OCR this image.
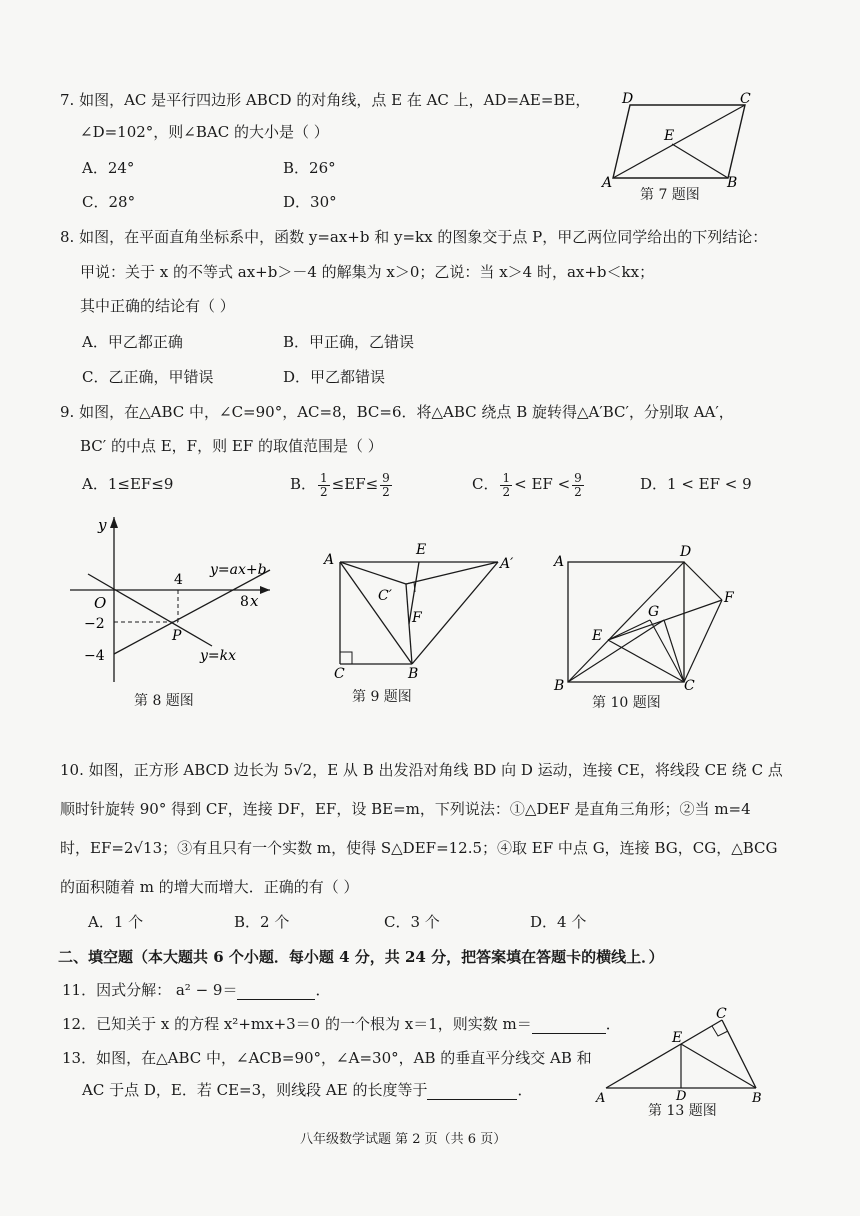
7. 如图，AC 是平行四边形 ABCD 的对角线，点 E 在 AC 上，AD=AE=BE，
∠D=102°，则∠BAC 的大小是（ ）
A．24°	B．26°
C．28°	D．30°
D	C
E
A	B
第 7 题图
8. 如图，在平面直角坐标系中，函数 y=ax+b 和 y=kx 的图象交于点 P，甲乙两位同学给出的下列结论：
甲说：关于 x 的不等式 ax+b＞－4 的解集为 x＞0；乙说：当 x＞4 时，ax+b＜kx；
其中正确的结论有（ ）
A．甲乙都正确	B．甲正确，乙错误
C．乙正确，甲错误	D．甲乙都错误
9. 如图，在△ABC 中，∠C=90°，AC=8，BC=6．将△ABC 绕点 B 旋转得△A′BC′，分别取 AA′，
BC′ 的中点 E，F，则 EF 的取值范围是（ ）
A．1≤EF≤9	B． $\frac{1}{2} \le EF\le \frac{9}{2}$	C． $\frac{1}{2}$ < EF < $\frac{9}{2}$	D．1 < EF < 9
y
x
O
4
8
−2
−4
P
y=ax+b
y=kx
第 8 题图
A	A′
E
C′
F
C	B
第 9 题图
A
D
F
G
E
B	C
第 10 题图
10. 如图，正方形 ABCD 边长为 5√2，E 从 B 出发沿对角线 BD 向 D 运动，连接 CE，将线段 CE 绕 C 点
顺时针旋转 90° 得到 CF，连接 DF，EF，设 BE=m，下列说法：①△DEF 是直角三角形；②当 m=4
时，EF=2√13；③有且只有一个实数 m，使得 S△DEF=12.5；④取 EF 中点 G，连接 BG，CG，△BCG
的面积随着 m 的增大而增大．正确的有（ ）
A．1 个	B．2 个	C．3 个	D．4 个
二、填空题（本大题共 6 个小题．每小题 4 分，共 24 分，把答案填在答题卡的横线上．）
11．因式分解： a² − 9＝	．
12．已知关于 x 的方程 x²+mx+3＝0 的一个根为 x＝1，则实数 m＝	．
13．如图，在△ABC 中，∠ACB=90°，∠A=30°，AB 的垂直平分线交 AB 和
AC 于点 D，E．若 CE=3，则线段 AE 的长度等于	．
C
E
D
A	B
第 13 题图
八年级数学试题 第 2 页（共 6 页）
